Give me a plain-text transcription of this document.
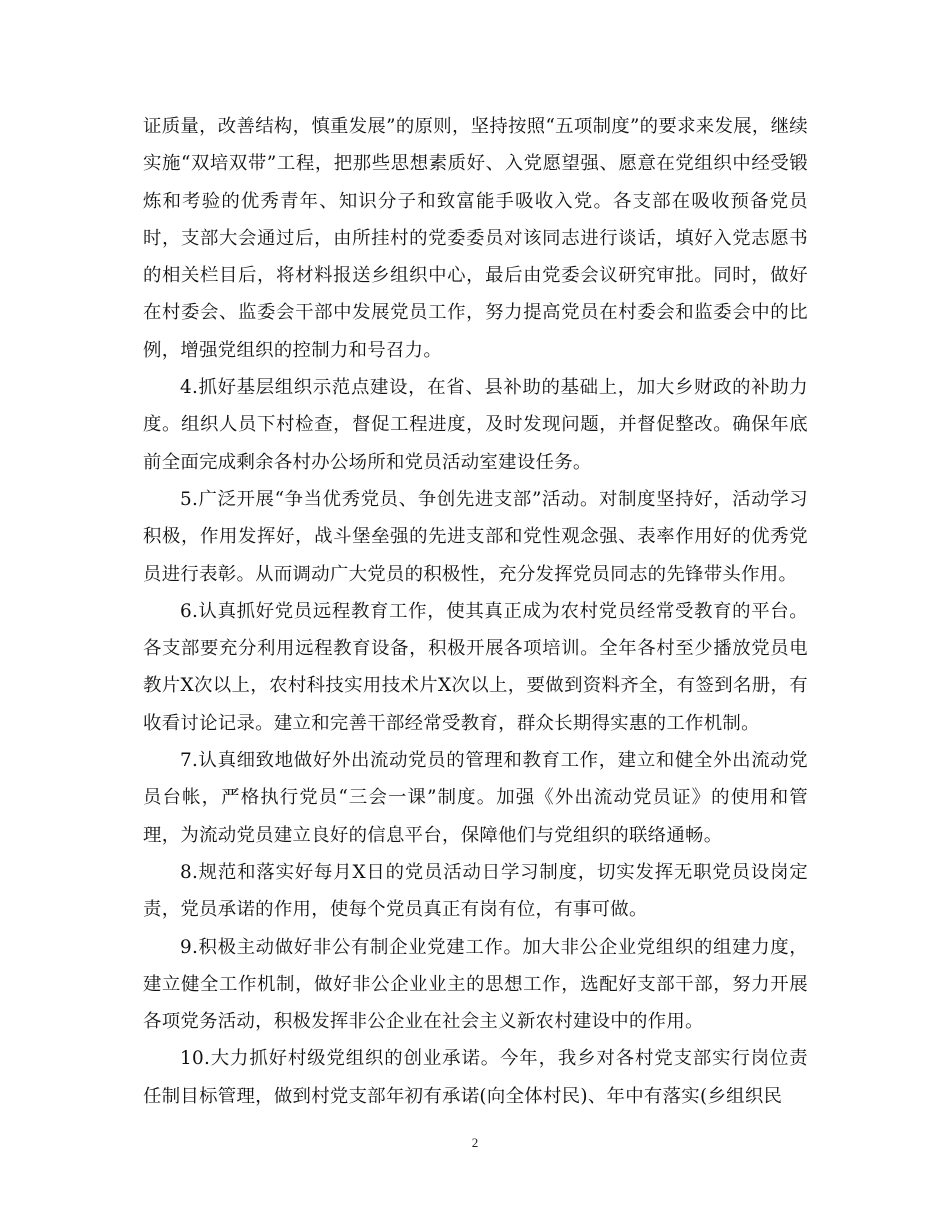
证质量，改善结构，慎重发展”的原则，坚持按照“五项制度”的要求来发展，继续实施“双培双带”工程，把那些思想素质好、入党愿望强、愿意在党组织中经受锻炼和考验的优秀青年、知识分子和致富能手吸收入党。各支部在吸收预备党员时，支部大会通过后，由所挂村的党委委员对该同志进行谈话，填好入党志愿书的相关栏目后，将材料报送乡组织中心，最后由党委会议研究审批。同时，做好在村委会、监委会干部中发展党员工作，努力提高党员在村委会和监委会中的比例，增强党组织的控制力和号召力。

4.抓好基层组织示范点建设，在省、县补助的基础上，加大乡财政的补助力度。组织人员下村检查，督促工程进度，及时发现问题，并督促整改。确保年底前全面完成剩余各村办公场所和党员活动室建设任务。

5.广泛开展“争当优秀党员、争创先进支部”活动。对制度坚持好，活动学习积极，作用发挥好，战斗堡垒强的先进支部和党性观念强、表率作用好的优秀党员进行表彰。从而调动广大党员的积极性，充分发挥党员同志的先锋带头作用。

6.认真抓好党员远程教育工作，使其真正成为农村党员经常受教育的平台。各支部要充分利用远程教育设备，积极开展各项培训。全年各村至少播放党员电教片X次以上，农村科技实用技术片X次以上，要做到资料齐全，有签到名册，有收看讨论记录。建立和完善干部经常受教育，群众长期得实惠的工作机制。

7.认真细致地做好外出流动党员的管理和教育工作，建立和健全外出流动党员台帐，严格执行党员“三会一课”制度。加强《外出流动党员证》的使用和管理，为流动党员建立良好的信息平台，保障他们与党组织的联络通畅。

8.规范和落实好每月X日的党员活动日学习制度，切实发挥无职党员设岗定责，党员承诺的作用，使每个党员真正有岗有位，有事可做。

9.积极主动做好非公有制企业党建工作。加大非公企业党组织的组建力度，建立健全工作机制，做好非公企业业主的思想工作，选配好支部干部，努力开展各项党务活动，积极发挥非公企业在社会主义新农村建设中的作用。

10.大力抓好村级党组织的创业承诺。今年，我乡对各村党支部实行岗位责任制目标管理，做到村党支部年初有承诺(向全体村民)、年中有落实(乡组织民

2
